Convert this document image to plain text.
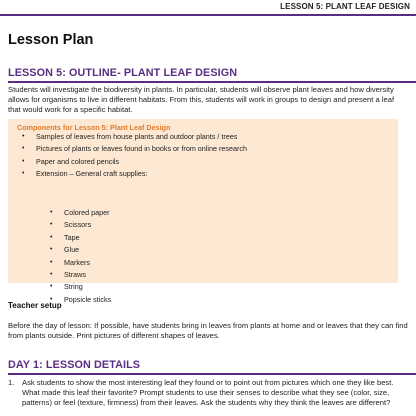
LESSON 5: PLANT LEAF DESIGN
Lesson Plan
LESSON 5: OUTLINE- PLANT LEAF DESIGN
Students will investigate the biodiversity in plants. In particular, students will observe plant leaves and how diversity allows for organisms to live in different habitats. From this, students will work in groups to design and present a leaf that would work for a specific habitat.
Components for Lesson 5: Plant Leaf Design
• Samples of leaves from house plants and outdoor plants / trees
• Pictures of plants or leaves found in books or from online research
• Paper and colored pencils
• Extension – General craft supplies:
• Colored paper
• Scissors
• Tape
• Glue
• Markers
• Straws
• String
• Popsicle sticks
Teacher setup
Before the day of lesson: If possible, have students bring in leaves from plants at home and or leaves that they can find from plants outside. Print pictures of different shapes of leaves.
DAY 1: LESSON DETAILS
1. Ask students to show the most interesting leaf they found or to point out from pictures which one they like best. What made this leaf their favorite? Prompt students to use their senses to describe what they see (color, size, patterns) or feel (texture, firmness) from their leaves. Ask the students why they think the leaves are different?
